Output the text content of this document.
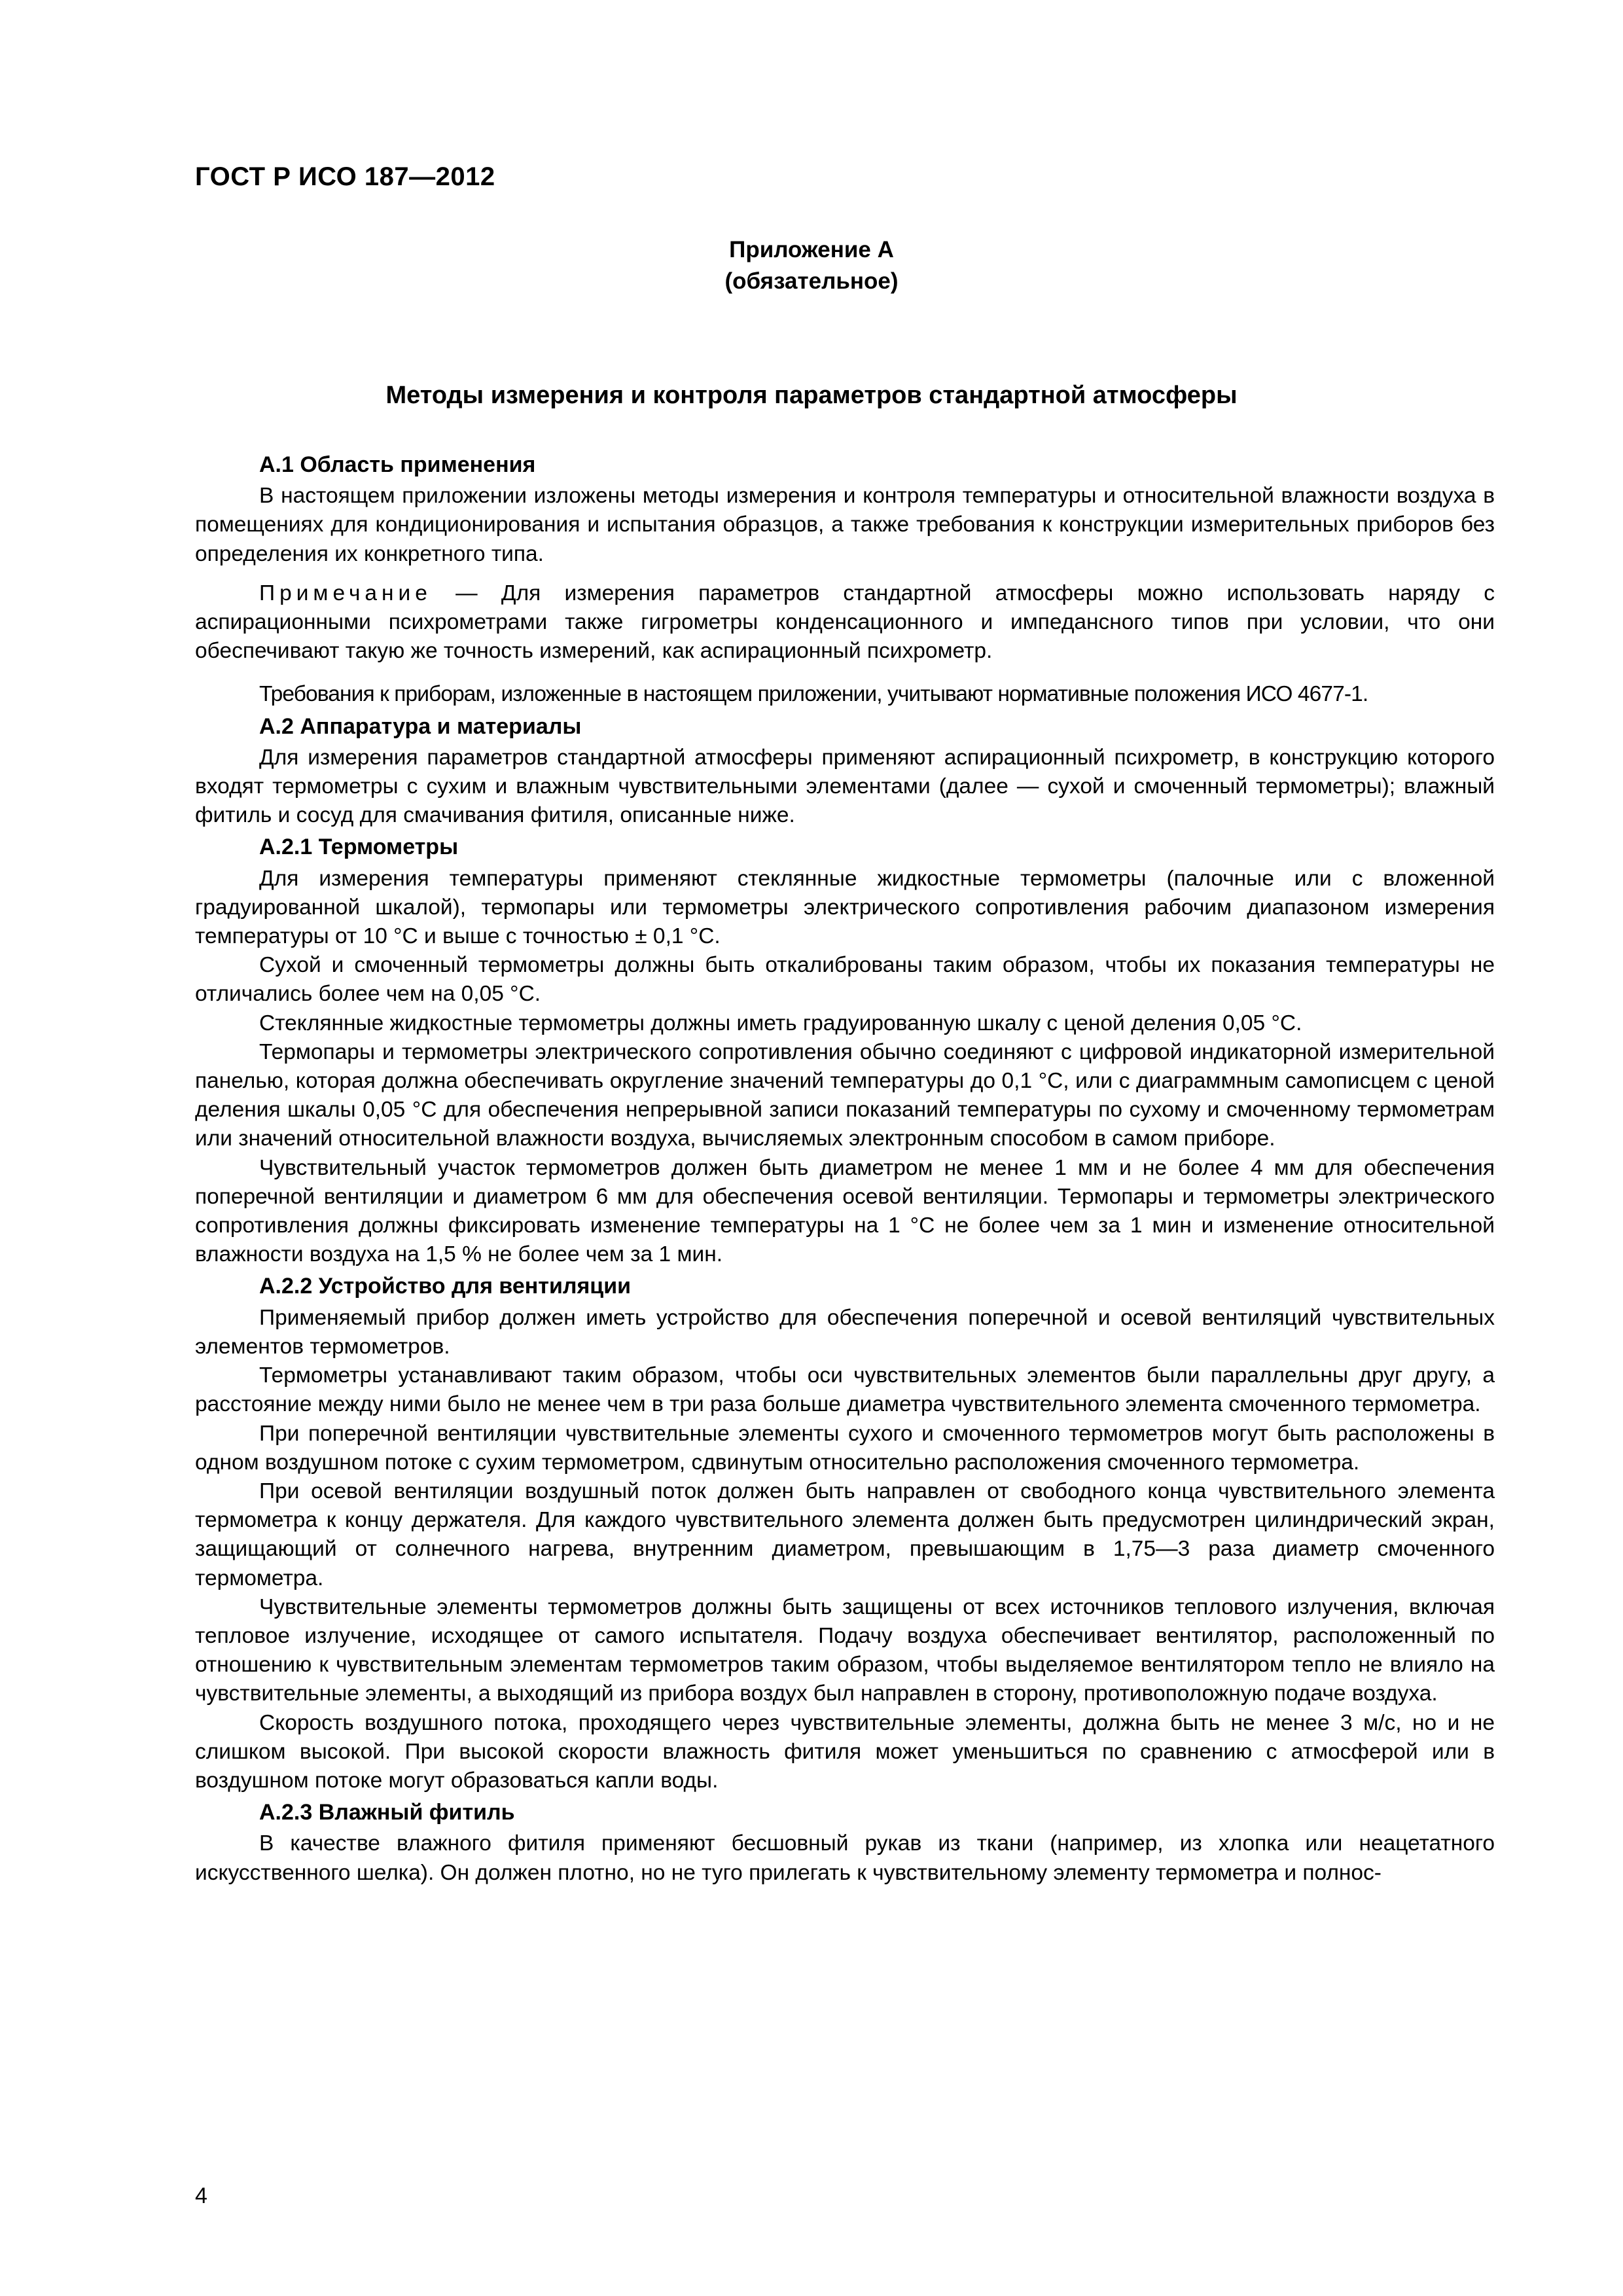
ГОСТ Р ИСО 187—2012
Приложение А
(обязательное)
Методы измерения и контроля параметров стандартной атмосферы
А.1 Область применения

В настоящем приложении изложены методы измерения и контроля температуры и относительной влажности воздуха в помещениях для кондиционирования и испытания образцов, а также требования к конструкции измерительных приборов без определения их конкретного типа.

Примечание — Для измерения параметров стандартной атмосферы можно использовать наряду с аспирационными психрометрами также гигрометры конденсационного и импедансного типов при условии, что они обеспечивают такую же точность измерений, как аспирационный психрометр.

Требования к приборам, изложенные в настоящем приложении, учитывают нормативные положения ИСО 4677-1.

А.2 Аппаратура и материалы

Для измерения параметров стандартной атмосферы применяют аспирационный психрометр, в конструкцию которого входят термометры с сухим и влажным чувствительными элементами (далее — сухой и смоченный термометры); влажный фитиль и сосуд для смачивания фитиля, описанные ниже.

А.2.1 Термометры

Для измерения температуры применяют стеклянные жидкостные термометры (палочные или с вложенной градуированной шкалой), термопары или термометры электрического сопротивления рабочим диапазоном измерения температуры от 10 °С и выше с точностью ± 0,1 °С.

Сухой и смоченный термометры должны быть откалиброваны таким образом, чтобы их показания температуры не отличались более чем на 0,05 °С.

Стеклянные жидкостные термометры должны иметь градуированную шкалу с ценой деления 0,05 °С.

Термопары и термометры электрического сопротивления обычно соединяют с цифровой индикаторной измерительной панелью, которая должна обеспечивать округление значений температуры до 0,1 °С, или с диаграммным самописцем с ценой деления шкалы 0,05 °С для обеспечения непрерывной записи показаний температуры по сухому и смоченному термометрам или значений относительной влажности воздуха, вычисляемых электронным способом в самом приборе.

Чувствительный участок термометров должен быть диаметром не менее 1 мм и не более 4 мм для обеспечения поперечной вентиляции и диаметром 6 мм для обеспечения осевой вентиляции. Термопары и термометры электрического сопротивления должны фиксировать изменение температуры на 1 °С не более чем за 1 мин и изменение относительной влажности воздуха на 1,5 % не более чем за 1 мин.

А.2.2 Устройство для вентиляции

Применяемый прибор должен иметь устройство для обеспечения поперечной и осевой вентиляций чувствительных элементов термометров.

Термометры устанавливают таким образом, чтобы оси чувствительных элементов были параллельны друг другу, а расстояние между ними было не менее чем в три раза больше диаметра чувствительного элемента смоченного термометра.

При поперечной вентиляции чувствительные элементы сухого и смоченного термометров могут быть расположены в одном воздушном потоке с сухим термометром, сдвинутым относительно расположения смоченного термометра.

При осевой вентиляции воздушный поток должен быть направлен от свободного конца чувствительного элемента термометра к концу держателя. Для каждого чувствительного элемента должен быть предусмотрен цилиндрический экран, защищающий от солнечного нагрева, внутренним диаметром, превышающим в 1,75—3 раза диаметр смоченного термометра.

Чувствительные элементы термометров должны быть защищены от всех источников теплового излучения, включая тепловое излучение, исходящее от самого испытателя. Подачу воздуха обеспечивает вентилятор, расположенный по отношению к чувствительным элементам термометров таким образом, чтобы выделяемое вентилятором тепло не влияло на чувствительные элементы, а выходящий из прибора воздух был направлен в сторону, противоположную подаче воздуха.

Скорость воздушного потока, проходящего через чувствительные элементы, должна быть не менее 3 м/с, но и не слишком высокой. При высокой скорости влажность фитиля может уменьшиться по сравнению с атмосферой или в воздушном потоке могут образоваться капли воды.

А.2.3 Влажный фитиль

В качестве влажного фитиля применяют бесшовный рукав из ткани (например, из хлопка или неацетатного искусственного шелка). Он должен плотно, но не туго прилегать к чувствительному элементу термометра и полнос-

4
